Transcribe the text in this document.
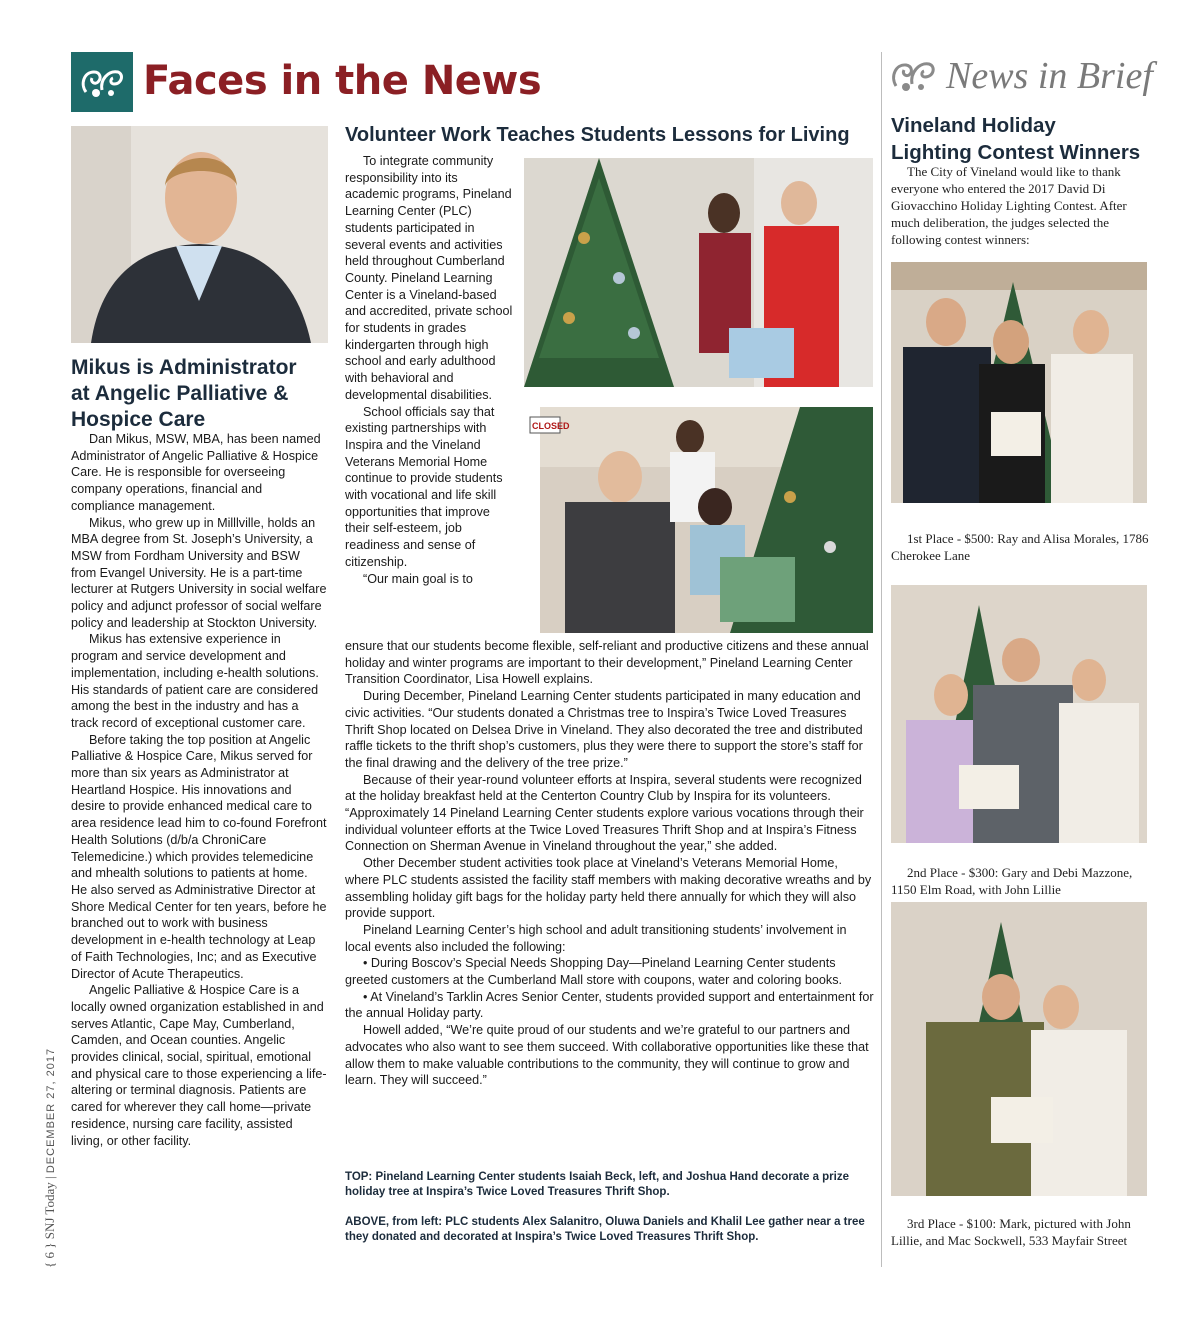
Faces in the News	News in Brief
Mikus is Administrator
at Angelic Palliative &
Hospice Care

Dan Mikus, MSW, MBA, has been named Administrator of Angelic Palliative & Hospice Care. He is responsible for overseeing company operations, financial and compliance management.

Mikus, who grew up in Milllville, holds an MBA degree from St. Joseph’s University, a MSW from Fordham University and BSW from Evangel University. He is a part-time lecturer at Rutgers University in social welfare policy and adjunct professor of social welfare policy and leadership at Stockton University.

Mikus has extensive experience in program and service development and implementation, including e-health solutions. His standards of patient care are considered among the best in the industry and has a track record of exceptional customer care.

Before taking the top position at Angelic Palliative & Hospice Care, Mikus served for more than six years as Administrator at Heartland Hospice. His innovations and desire to provide enhanced medical care to area residence lead him to co-found Forefront Health Solutions (d/b/a ChroniCare Telemedicine.) which provides telemedicine and mhealth solutions to patients at home. He also served as Administrative Director at Shore Medical Center for ten years, before he branched out to work with business development in e-health technology at Leap of Faith Technologies, Inc; and as Executive Director of Acute Therapeutics.

Angelic Palliative & Hospice Care is a locally owned organization established in and serves Atlantic, Cape May, Cumberland, Camden, and Ocean counties. Angelic provides clinical, social, spiritual, emotional and physical care to those experiencing a life-altering or terminal diagnosis. Patients are cared for wherever they call home—private residence, nursing care facility, assisted living, or other facility.

{ 6 } SNJ Today | DECEMBER 27, 2017
Volunteer Work Teaches Students Lessons for Living
CLOSED

To integrate community responsibility into its academic programs, Pineland Learning Center (PLC) students participated in several events and activities held throughout Cumberland County. Pineland Learning Center is a Vineland-based and accredited, private school for students in grades kindergarten through high school and early adulthood with behavioral and developmental disabilities.

School officials say that existing partnerships with Inspira and the Vineland Veterans Memorial Home continue to provide students with vocational and life skill opportunities that improve their self-esteem, job readiness and sense of citizenship.

“Our main goal is to

ensure that our students become flexible, self-reliant and productive citizens and these annual holiday and winter programs are important to their development,” Pineland Learning Center Transition Coordinator, Lisa Howell explains.

During December, Pineland Learning Center students participated in many education and civic activities. “Our students donated a Christmas tree to Inspira’s Twice Loved Treasures Thrift Shop located on Delsea Drive in Vineland. They also decorated the tree and distributed raffle tickets to the thrift shop’s customers, plus they were there to support the store’s staff for the final drawing and the delivery of the tree prize.”

Because of their year-round volunteer efforts at Inspira, several students were recognized at the holiday breakfast held at the Centerton Country Club by Inspira for its volunteers. “Approximately 14 Pineland Learning Center students explore various vocations through their individual volunteer efforts at the Twice Loved Treasures Thrift Shop and at Inspira’s Fitness Connection on Sherman Avenue in Vineland throughout the year,” she added.

Other December student activities took place at Vineland’s Veterans Memorial Home, where PLC students assisted the facility staff members with making decorative wreaths and by assembling holiday gift bags for the holiday party held there annually for which they will also provide support.

Pineland Learning Center’s high school and adult transitioning students’ involvement in local events also included the following:

• During Boscov’s Special Needs Shopping Day—Pineland Learning Center students greeted customers at the Cumberland Mall store with coupons, water and coloring books.

• At Vineland’s Tarklin Acres Senior Center, students provided support and entertainment for the annual Holiday party.

Howell added, “We’re quite proud of our students and we’re grateful to our partners and advocates who also want to see them succeed. With collaborative opportunities like these that allow them to make valuable contributions to the community, they will continue to grow and learn. They will succeed.”

TOP: Pineland Learning Center students Isaiah Beck, left, and Joshua Hand decorate a prize holiday tree at Inspira’s Twice Loved Treasures Thrift Shop.
ABOVE, from left: PLC students Alex Salanitro, Oluwa Daniels and Khalil Lee gather near a tree they donated and decorated at Inspira’s Twice Loved Treasures Thrift Shop.
Vineland Holiday
Lighting Contest Winners

The City of Vineland would like to thank everyone who entered the 2017 David Di Giovacchino Holiday Lighting Contest. After much deliberation, the judges selected the following contest winners:

1st Place - $500: Ray and Alisa Morales, 1786 Cherokee Lane

2nd Place - $300: Gary and Debi Mazzone, 1150 Elm Road, with John Lillie

3rd Place - $100: Mark, pictured with John Lillie, and Mac Sockwell, 533 Mayfair Street
